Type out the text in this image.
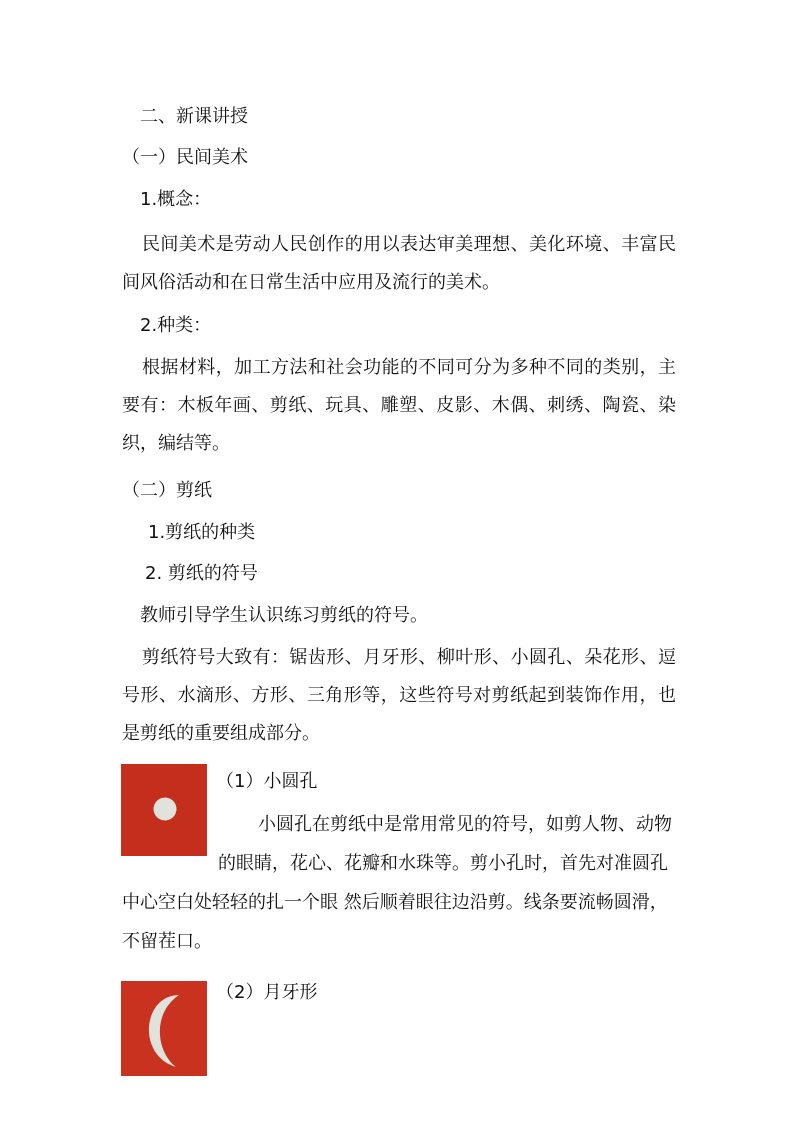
二、新课讲授
（一）民间美术
1.概念：
民间美术是劳动人民创作的用以表达审美理想、美化环境、丰富民间风俗活动和在日常生活中应用及流行的美术。
2.种类：
根据材料，加工方法和社会功能的不同可分为多种不同的类别，主要有：木板年画、剪纸、玩具、雕塑、皮影、木偶、刺绣、陶瓷、染织，编结等。
（二）剪纸
1.剪纸的种类
2. 剪纸的符号
教师引导学生认识练习剪纸的符号。
剪纸符号大致有：锯齿形、月牙形、柳叶形、小圆孔、朵花形、逗号形、水滴形、方形、三角形等，这些符号对剪纸起到装饰作用，也是剪纸的重要组成部分。
（1）小圆孔
小圆孔在剪纸中是常用常见的符号，如剪人物、动物
的眼睛，花心、花瓣和水珠等。剪小孔时，首先对准圆孔
中心空白处轻轻的扎一个眼 然后顺着眼往边沿剪。线条要流畅圆滑，
不留茬口。
（2）月牙形
